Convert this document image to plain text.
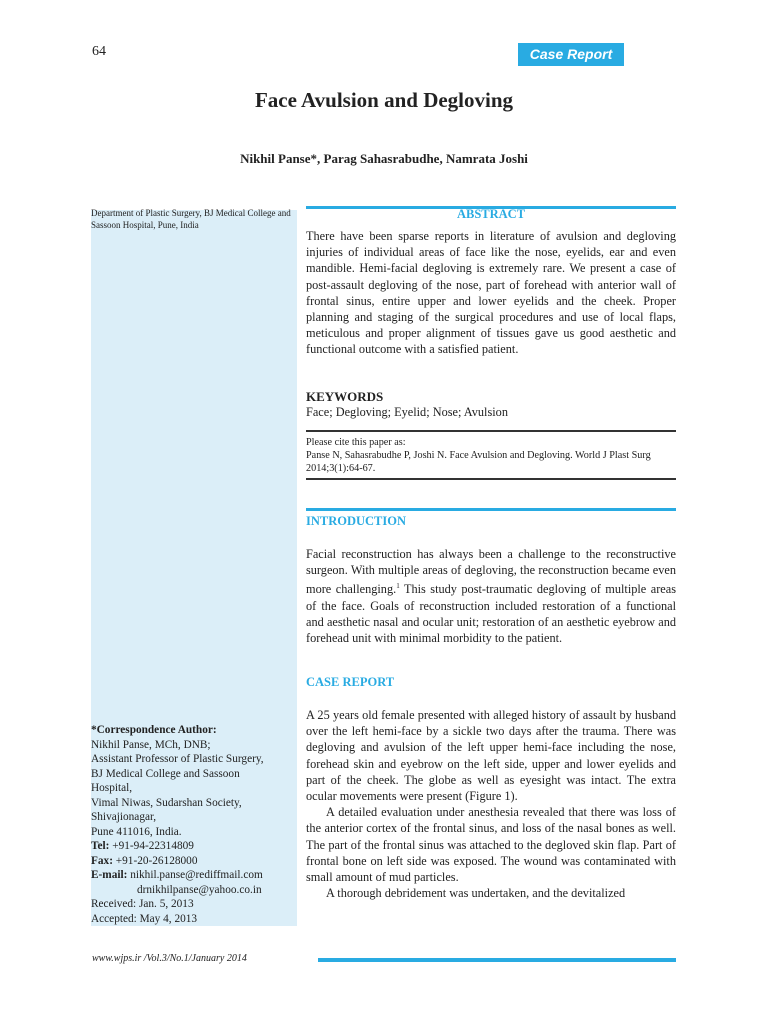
64	Case Report
Face Avulsion and Degloving
Nikhil Panse*, Parag Sahasrabudhe, Namrata Joshi
Department of Plastic Surgery, BJ Medical College and Sassoon Hospital, Pune, India
*Correspondence Author:
Nikhil Panse, MCh, DNB;
Assistant Professor of Plastic Surgery,
BJ Medical College and Sassoon
Hospital,
Vimal Niwas, Sudarshan Society,
Shivajionagar,
Pune 411016, India.
Tel: +91-94-22314809
Fax: +91-20-26128000
E-mail: nikhil.panse@rediffmail.com
drnikhilpanse@yahoo.co.in
Received: Jan. 5, 2013
Accepted: May 4, 2013
ABSTRACT
There have been sparse reports in literature of avulsion and degloving injuries of individual areas of face like the nose, eyelids, ear and even mandible. Hemi-facial degloving is extremely rare. We present a case of post-assault degloving of the nose, part of forehead with anterior wall of frontal sinus, entire upper and lower eyelids and the cheek. Proper planning and staging of the surgical procedures and use of local flaps, meticulous and proper alignment of tissues gave us good aesthetic and functional outcome with a satisfied patient.
KEYWORDS
Face; Degloving; Eyelid; Nose; Avulsion
Please cite this paper as:
Panse N, Sahasrabudhe P, Joshi N. Face Avulsion and Degloving. World J Plast Surg 2014;3(1):64-67.
INTRODUCTION
Facial reconstruction has always been a challenge to the reconstructive surgeon. With multiple areas of degloving, the reconstruction became even more challenging.$^1$ This study post-traumatic degloving of multiple areas of the face. Goals of reconstruction included restoration of a functional and aesthetic nasal and ocular unit; restoration of an aesthetic eyebrow and forehead unit with minimal morbidity to the patient.
CASE REPORT
A 25 years old female presented with alleged history of assault by husband over the left hemi-face by a sickle two days after the trauma. There was degloving and avulsion of the left upper hemi-face including the nose, forehead skin and eyebrow on the left side, upper and lower eyelids and part of the cheek. The globe as well as eyesight was intact. The extra ocular movements were present (Figure 1).
A detailed evaluation under anesthesia revealed that there was loss of the anterior cortex of the frontal sinus, and loss of the nasal bones as well. The part of the frontal sinus was attached to the degloved skin flap. Part of frontal bone on left side was exposed. The wound was contaminated with small amount of mud particles.
A thorough debridement was undertaken, and the devitalized
www.wjps.ir /Vol.3/No.1/January 2014
